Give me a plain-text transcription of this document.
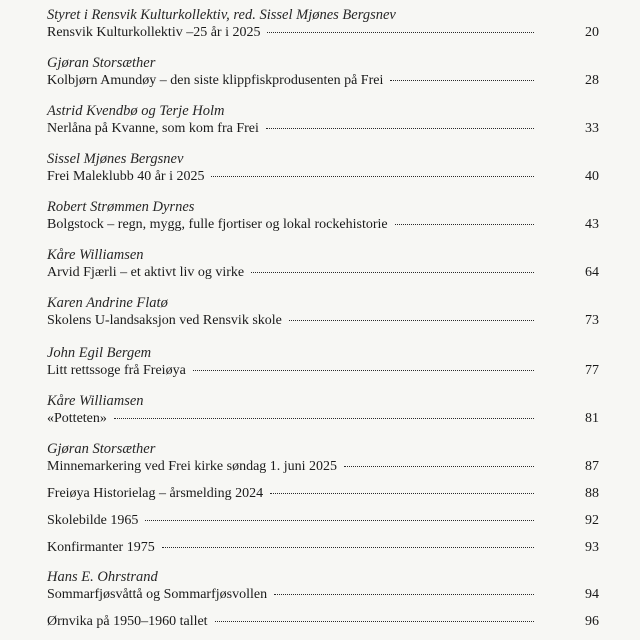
Styret i Rensvik Kulturkollektiv, red. Sissel Mjønes Bergsnev
Rensvik Kulturkollektiv –25 år i 2025	20
Gjøran Storsæther
Kolbjørn Amundøy – den siste klippfiskprodusenten på Frei	28
Astrid Kvendbø og Terje Holm
Nerlåna på Kvanne, som kom fra Frei	33
Sissel Mjønes Bergsnev
Frei Maleklubb 40 år i 2025	40
Robert Strømmen Dyrnes
Bolgstock – regn, mygg, fulle fjortiser og lokal rockehistorie	43
Kåre Williamsen
Arvid Fjærli – et aktivt liv og virke	64
Karen Andrine Flatø
Skolens U-landsaksjon ved Rensvik skole	73
John Egil Bergem
Litt rettssoge frå Freiøya	77
Kåre Williamsen
«Potteten»	81
Gjøran Storsæther
Minnemarkering ved Frei kirke søndag 1. juni 2025	87
Freiøya Historielag – årsmelding 2024	88
Skolebilde 1965	92
Konfirmanter 1975	93
Hans E. Ohrstrand
Sommarfjøsvåttå og Sommarfjøsvollen	94
Ørnvika på 1950–1960 tallet	96
